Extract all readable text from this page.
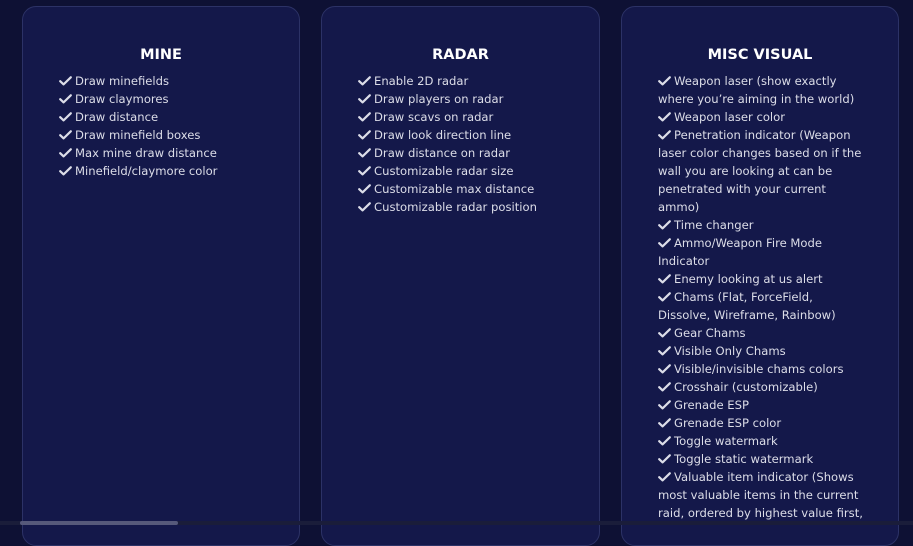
MINE
Draw minefields
Draw claymores
Draw distance
Draw minefield boxes
Max mine draw distance
Minefield/claymore color
RADAR
Enable 2D radar
Draw players on radar
Draw scavs on radar
Draw look direction line
Draw distance on radar
Customizable radar size
Customizable max distance
Customizable radar position
MISC VISUAL
Weapon laser (show exactly where you’re aiming in the world)
Weapon laser color
Penetration indicator (Weapon laser color changes based on if the wall you are looking at can be penetrated with your current ammo)
Time changer
Ammo/Weapon Fire Mode Indicator
Enemy looking at us alert
Chams (Flat, ForceField, Dissolve, Wireframe, Rainbow)
Gear Chams
Visible Only Chams
Visible/invisible chams colors
Crosshair (customizable)
Grenade ESP
Grenade ESP color
Toggle watermark
Toggle static watermark
Valuable item indicator (Shows most valuable items in the current raid, ordered by highest value first,
